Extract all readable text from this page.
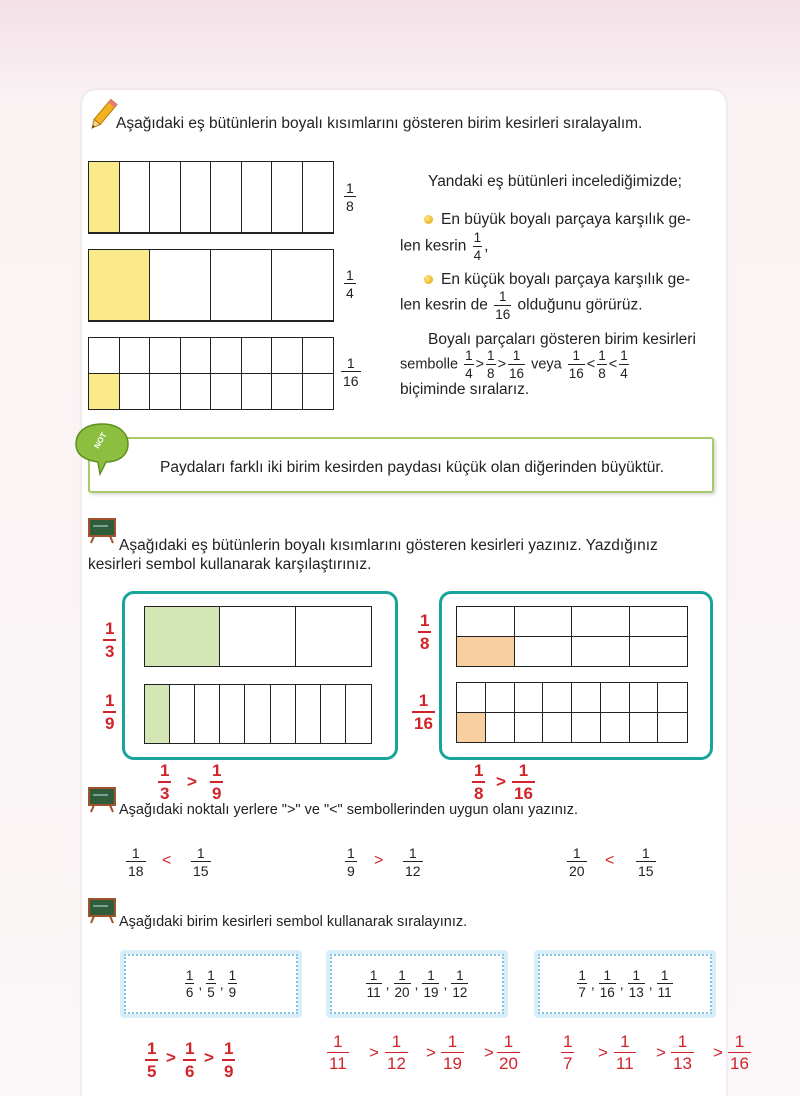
Aşağıdaki eş bütünlerin boyalı kısımlarını gösteren birim kesirleri sıralayalım.
$\frac{1}{8}$
$\frac{1}{4}$
$\frac{1}{16}$
Yandaki eş bütünleri incelediğimizde;
En büyük boyalı parçaya karşılık ge-
len kesrin $\frac{1}{4}$ ,
En küçük boyalı parçaya karşılık ge-
len kesrin de $\frac{1}{16}$ olduğunu görürüz.
Boyalı parçaları gösteren birim kesirleri
sembolle $\frac{1}{4} > \frac{1}{8} > \frac{1}{16}$ veya $\frac{1}{16} < \frac{1}{8} < \frac{1}{4}$
biçiminde sıralarız.
NOT
Paydaları farklı iki birim kesirden paydası küçük olan diğerinden büyüktür.
Aşağıdaki eş bütünlerin boyalı kısımlarını gösteren kesirleri yazınız. Yazdığınız
kesirleri sembol kullanarak karşılaştırınız.
1
3
1
9
1
3
>
1
9
1
8
1
16
1
8
>
1
16
Aşağıdaki noktalı yerlere ">" ve "<" sembollerinden uygun olanı yazınız.
$\frac{1}{18} < \frac{1}{15}$	$\frac{1}{9} > \frac{1}{12}$	$\frac{1}{20} < \frac{1}{15}$
Aşağıdaki birim kesirleri sembol kullanarak sıralayınız.
$\frac{1}{6}$ , $\frac{1}{5}$ , $\frac{1}{9}$	$\frac{1}{11}$ , $\frac{1}{20}$ , $\frac{1}{19}$ , $\frac{1}{12}$	$\frac{1}{7}$ , $\frac{1}{16}$ , $\frac{1}{13}$ , $\frac{1}{11}$
1
5
> 1
6
> 1
9
1
11
>
1
12
>
1
19
>
1
20
1
7
>
1
11
>
1
13
>
1
16
